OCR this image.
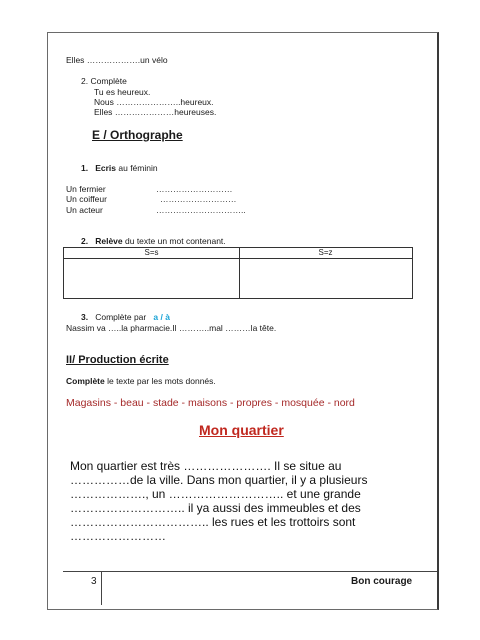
Elles ……………….un vélo
2. Complète
Tu es heureux.
Nous …………………..heureux.
Elles …………………heureuses.
E / Orthographe
1. Ecris au féminin
Un fermier	………………………
Un coiffeur	………………………
Un acteur	…………………………..
2. Relève du texte un mot contenant.
S=s	S=z
3. Complète par a / à
Nassim va …..la pharmacie.Il ………..mal ………la tête.
II/ Production écrite
Complète le texte par les mots donnés.
Magasins - beau - stade - maisons - propres - mosquée - nord
Mon quartier
Mon quartier est très …………………. Il se situe au
……………de la ville. Dans mon quartier, il y a plusieurs
………………., un ……………………….. et une grande
……………………….. il ya aussi des immeubles et des
…………………………….. les rues et les trottoirs sont
……………………
3	Bon courage
